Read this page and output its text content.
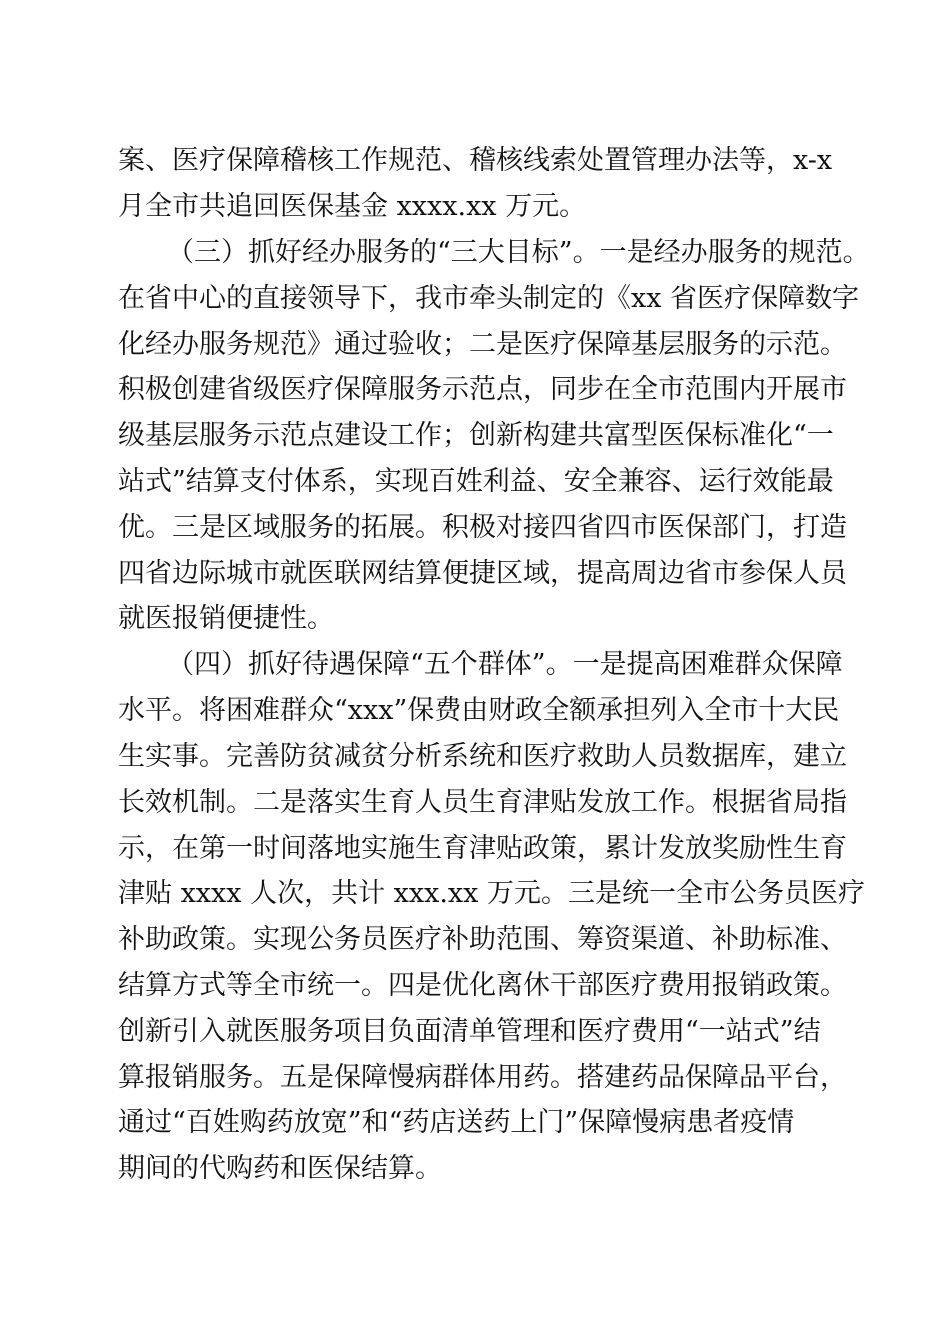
案、医疗保障稽核工作规范、稽核线索处置管理办法等，x-x
月全市共追回医保基金 xxxx.xx 万元。
（三）抓好经办服务的“三大目标”。一是经办服务的规范。
在省中心的直接领导下，我市牵头制定的《xx 省医疗保障数字
化经办服务规范》通过验收；二是医疗保障基层服务的示范。
积极创建省级医疗保障服务示范点，同步在全市范围内开展市
级基层服务示范点建设工作；创新构建共富型医保标准化“一
站式”结算支付体系，实现百姓利益、安全兼容、运行效能最
优。三是区域服务的拓展。积极对接四省四市医保部门，打造
四省边际城市就医联网结算便捷区域，提高周边省市参保人员
就医报销便捷性。
（四）抓好待遇保障“五个群体”。一是提高困难群众保障
水平。将困难群众“xxx”保费由财政全额承担列入全市十大民
生实事。完善防贫减贫分析系统和医疗救助人员数据库，建立
长效机制。二是落实生育人员生育津贴发放工作。根据省局指
示，在第一时间落地实施生育津贴政策，累计发放奖励性生育
津贴 xxxx 人次，共计 xxx.xx 万元。三是统一全市公务员医疗
补助政策。实现公务员医疗补助范围、筹资渠道、补助标准、
结算方式等全市统一。四是优化离休干部医疗费用报销政策。
创新引入就医服务项目负面清单管理和医疗费用“一站式”结
算报销服务。五是保障慢病群体用药。搭建药品保障品平台，
通过“百姓购药放宽”和“药店送药上门”保障慢病患者疫情
期间的代购药和医保结算。
